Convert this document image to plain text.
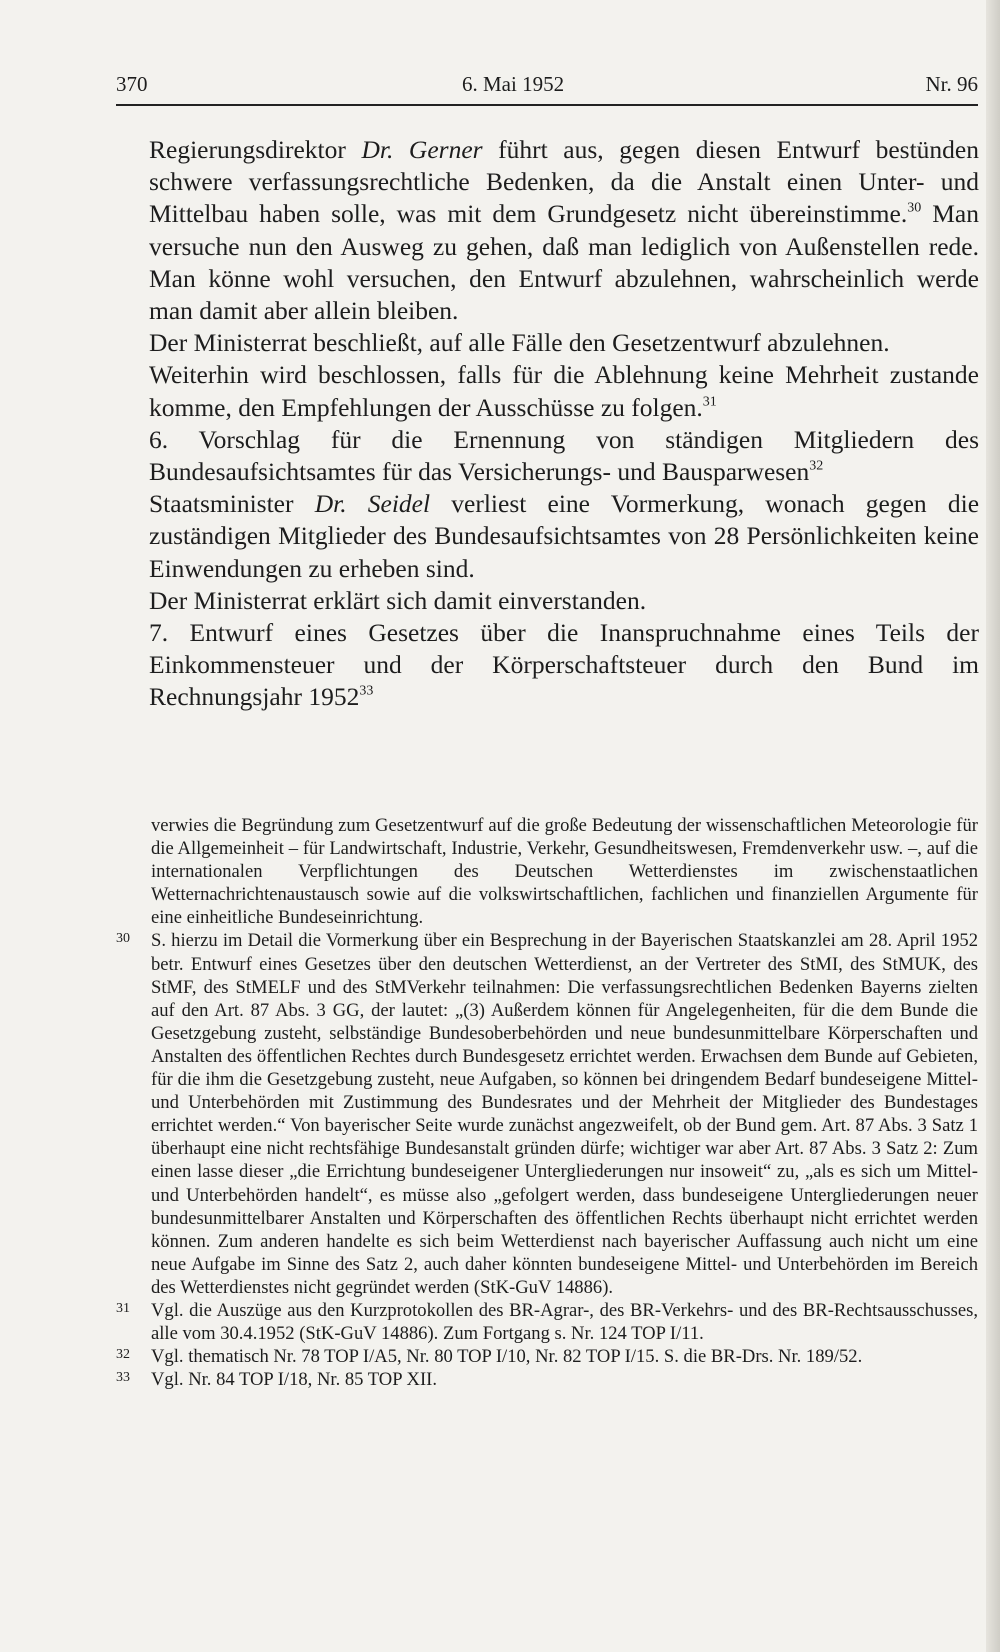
370	6. Mai 1952	Nr. 96

Regierungsdirektor Dr. Gerner führt aus, gegen diesen Entwurf bestünden schwere verfassungsrechtliche Bedenken, da die Anstalt einen Unter- und Mittelbau haben solle, was mit dem Grundgesetz nicht übereinstimme.$^{30}$ Man versuche nun den Ausweg zu gehen, daß man lediglich von Außenstellen rede. Man könne wohl versuchen, den Entwurf abzulehnen, wahrscheinlich werde man damit aber allein bleiben.

Der Ministerrat beschließt, auf alle Fälle den Gesetzentwurf abzulehnen.

Weiterhin wird beschlossen, falls für die Ablehnung keine Mehrheit zustande komme, den Empfehlungen der Ausschüsse zu folgen.$^{31}$

6. Vorschlag für die Ernennung von ständigen Mitgliedern des Bundesaufsichtsamtes für das Versicherungs- und Bausparwesen$^{32}$

Staatsminister Dr. Seidel verliest eine Vormerkung, wonach gegen die zuständigen Mitglieder des Bundesaufsichtsamtes von 28 Persönlichkeiten keine Einwendungen zu erheben sind.

Der Ministerrat erklärt sich damit einverstanden.

7. Entwurf eines Gesetzes über die Inanspruchnahme eines Teils der Einkommensteuer und der Körperschaftsteuer durch den Bund im Rechnungsjahr 1952$^{33}$

verwies die Begründung zum Gesetzentwurf auf die große Bedeutung der wissenschaftlichen Meteorologie für die Allgemeinheit – für Landwirtschaft, Industrie, Verkehr, Gesundheitswesen, Fremdenverkehr usw. –, auf die internationalen Verpflichtungen des Deutschen Wetterdienstes im zwischenstaatlichen Wetternachrichtenaustausch sowie auf die volkswirtschaftlichen, fachlichen und finanziellen Argumente für eine einheitliche Bundeseinrichtung.

30 S. hierzu im Detail die Vormerkung über ein Besprechung in der Bayerischen Staatskanzlei am 28. April 1952 betr. Entwurf eines Gesetzes über den deutschen Wetterdienst, an der Vertreter des StMI, des StMUK, des StMF, des StMELF und des StMVerkehr teilnahmen: Die verfassungsrechtlichen Bedenken Bayerns zielten auf den Art. 87 Abs. 3 GG, der lautet: „(3) Außerdem können für Angelegenheiten, für die dem Bunde die Gesetzgebung zusteht, selbständige Bundesoberbehörden und neue bundesunmittelbare Körperschaften und Anstalten des öffentlichen Rechtes durch Bundesgesetz errichtet werden. Erwachsen dem Bunde auf Gebieten, für die ihm die Gesetzgebung zusteht, neue Aufgaben, so können bei dringendem Bedarf bundeseigene Mittel- und Unterbehörden mit Zustimmung des Bundesrates und der Mehrheit der Mitglieder des Bundestages errichtet werden.“ Von bayerischer Seite wurde zunächst angezweifelt, ob der Bund gem. Art. 87 Abs. 3 Satz 1 überhaupt eine nicht rechtsfähige Bundesanstalt gründen dürfe; wichtiger war aber Art. 87 Abs. 3 Satz 2: Zum einen lasse dieser „die Errichtung bundeseigener Untergliederungen nur insoweit“ zu, „als es sich um Mittel- und Unterbehörden handelt“, es müsse also „gefolgert werden, dass bundeseigene Untergliederungen neuer bundesunmittelbarer Anstalten und Körperschaften des öffentlichen Rechts überhaupt nicht errichtet werden können. Zum anderen handelte es sich beim Wetterdienst nach bayerischer Auffassung auch nicht um eine neue Aufgabe im Sinne des Satz 2, auch daher könnten bundeseigene Mittel- und Unterbehörden im Bereich des Wetterdienstes nicht gegründet werden (StK-GuV 14886).

31 Vgl. die Auszüge aus den Kurzprotokollen des BR-Agrar-, des BR-Verkehrs- und des BR-Rechtsausschusses, alle vom 30.4.1952 (StK-GuV 14886). Zum Fortgang s. Nr. 124 TOP I/11.

32 Vgl. thematisch Nr. 78 TOP I/A5, Nr. 80 TOP I/10, Nr. 82 TOP I/15. S. die BR-Drs. Nr. 189/52.

33 Vgl. Nr. 84 TOP I/18, Nr. 85 TOP XII.
